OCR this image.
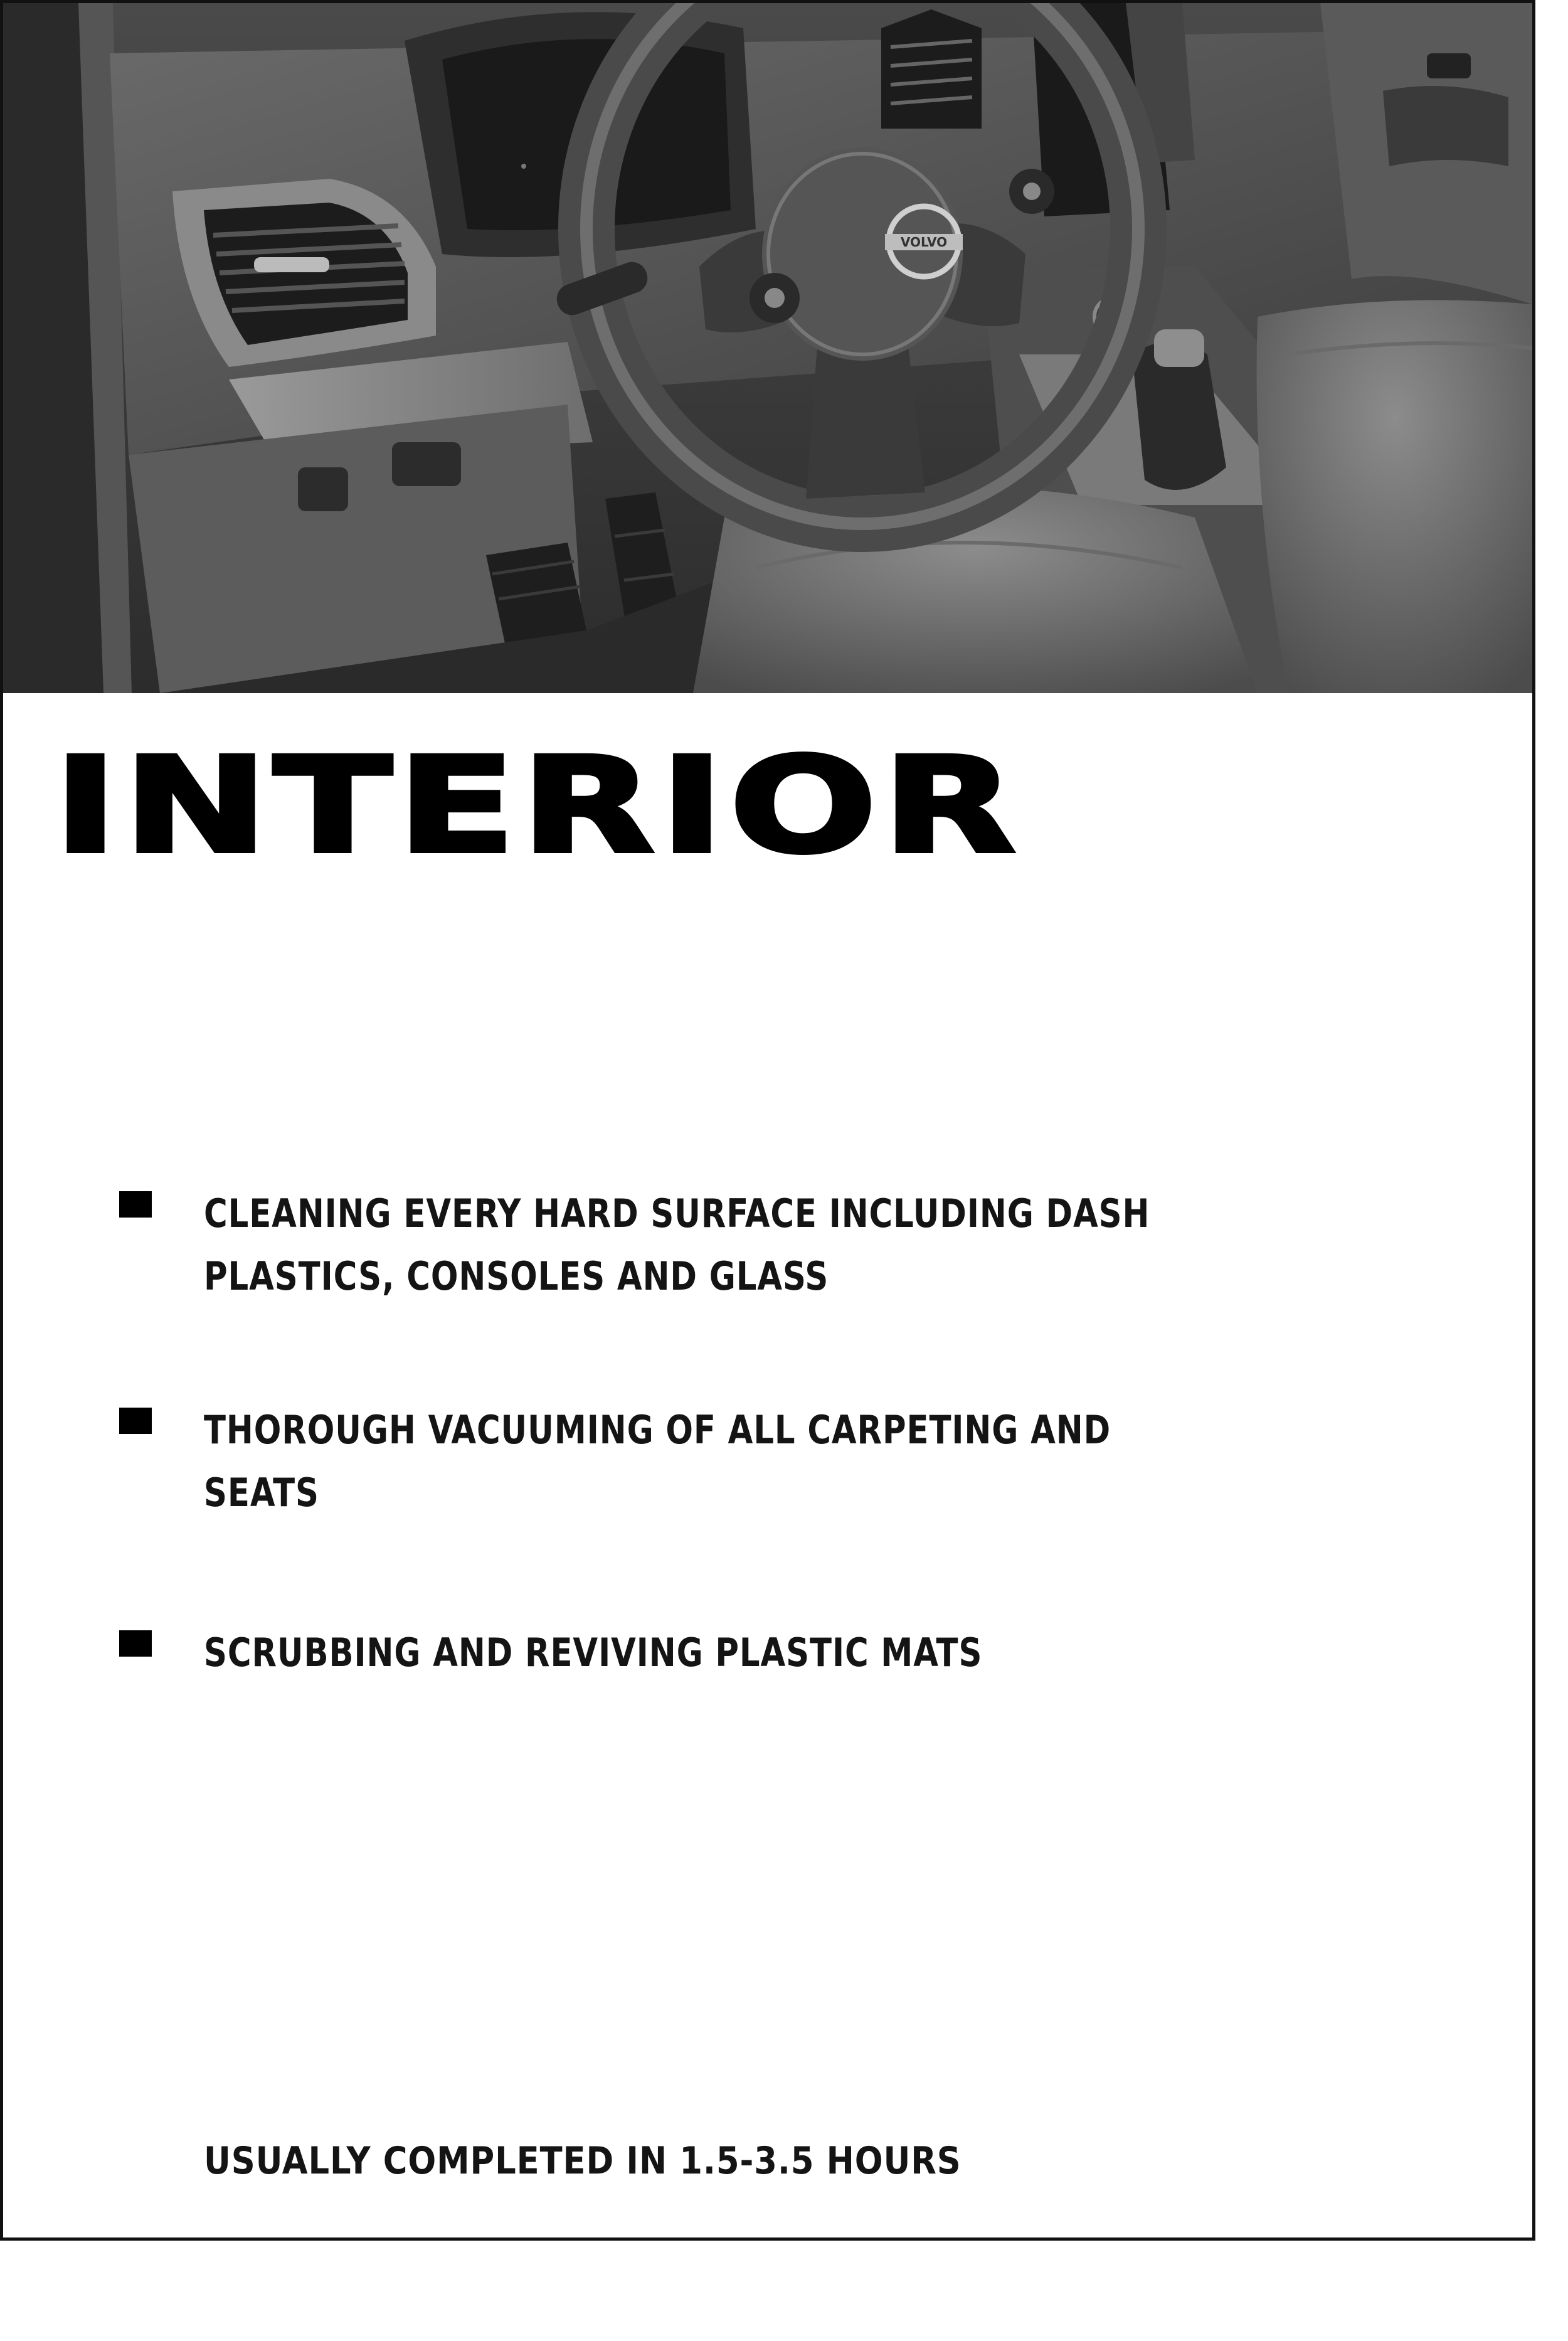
VOLVO
INTERIOR
CLEANING EVERY HARD SURFACE INCLUDING DASH PLASTICS, CONSOLES AND GLASS
THOROUGH VACUUMING OF ALL CARPETING AND SEATS
SCRUBBING AND REVIVING PLASTIC MATS
USUALLY COMPLETED IN 1.5-3.5 HOURS
